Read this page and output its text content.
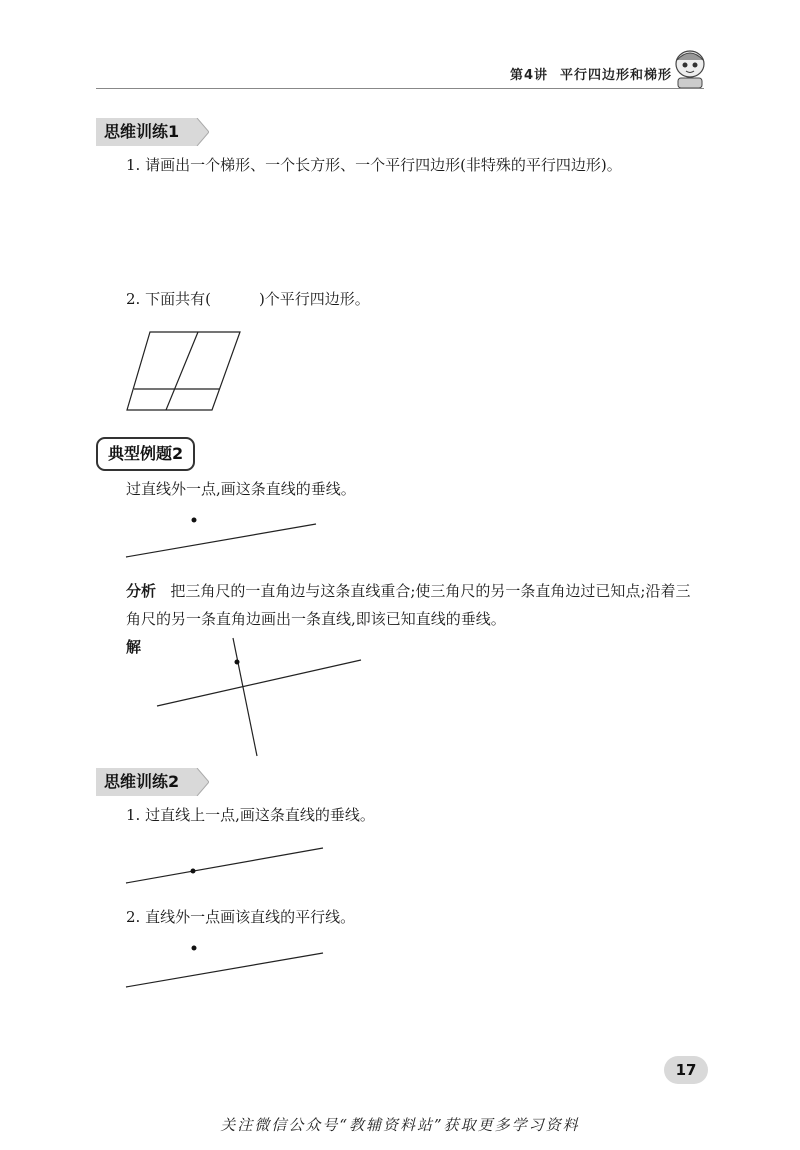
第4讲 平行四边形和梯形
思维训练1
1. 请画出一个梯形、一个长方形、一个平行四边形(非特殊的平行四边形)。
2. 下面共有(	)个平行四边形。
典型例题2
过直线外一点,画这条直线的垂线。
分析 把三角尺的一直角边与这条直线重合;使三角尺的另一条直角边过已知点;沿着三
角尺的另一条直角边画出一条直线,即该已知直线的垂线。
解
思维训练2
1. 过直线上一点,画这条直线的垂线。
2. 直线外一点画该直线的平行线。
17
关注微信公众号“教辅资料站”获取更多学习资料
